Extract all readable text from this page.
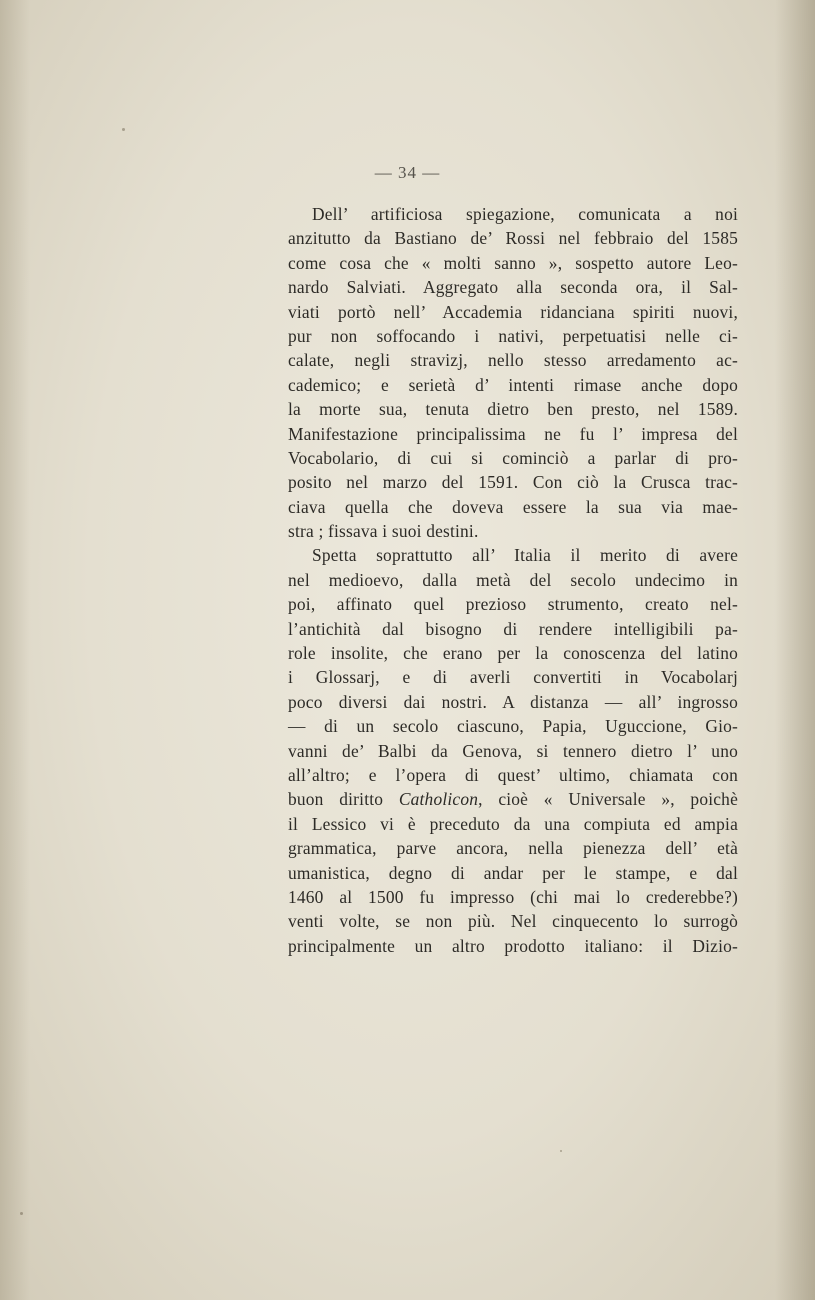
— 34 —
Dell’ artificiosa spiegazione, comunicata a noi
anzitutto da Bastiano de’ Rossi nel febbraio del 1585
come cosa che « molti sanno », sospetto autore Leo-
nardo Salviati. Aggregato alla seconda ora, il Sal-
viati portò nell’ Accademia ridanciana spiriti nuovi,
pur non soffocando i nativi, perpetuatisi nelle ci-
calate, negli stravizj, nello stesso arredamento ac-
cademico; e serietà d’ intenti rimase anche dopo
la morte sua, tenuta dietro ben presto, nel 1589.
Manifestazione principalissima ne fu l’ impresa del
Vocabolario, di cui si cominciò a parlar di pro-
posito nel marzo del 1591. Con ciò la Crusca trac-
ciava quella che doveva essere la sua via mae-
stra ; fissava i suoi destini.
Spetta soprattutto all’ Italia il merito di avere
nel medioevo, dalla metà del secolo undecimo in
poi, affinato quel prezioso strumento, creato nel-
l’antichità dal bisogno di rendere intelligibili pa-
role insolite, che erano per la conoscenza del latino
i Glossarj, e di averli convertiti in Vocabolarj
poco diversi dai nostri. A distanza — all’ ingrosso
— di un secolo ciascuno, Papia, Uguccione, Gio-
vanni de’ Balbi da Genova, si tennero dietro l’ uno
all’altro; e l’opera di quest’ ultimo, chiamata con
buon diritto Catholicon, cioè « Universale », poichè
il Lessico vi è preceduto da una compiuta ed ampia
grammatica, parve ancora, nella pienezza dell’ età
umanistica, degno di andar per le stampe, e dal
1460 al 1500 fu impresso (chi mai lo crederebbe?)
venti volte, se non più. Nel cinquecento lo surrogò
principalmente un altro prodotto italiano: il Dizio-
